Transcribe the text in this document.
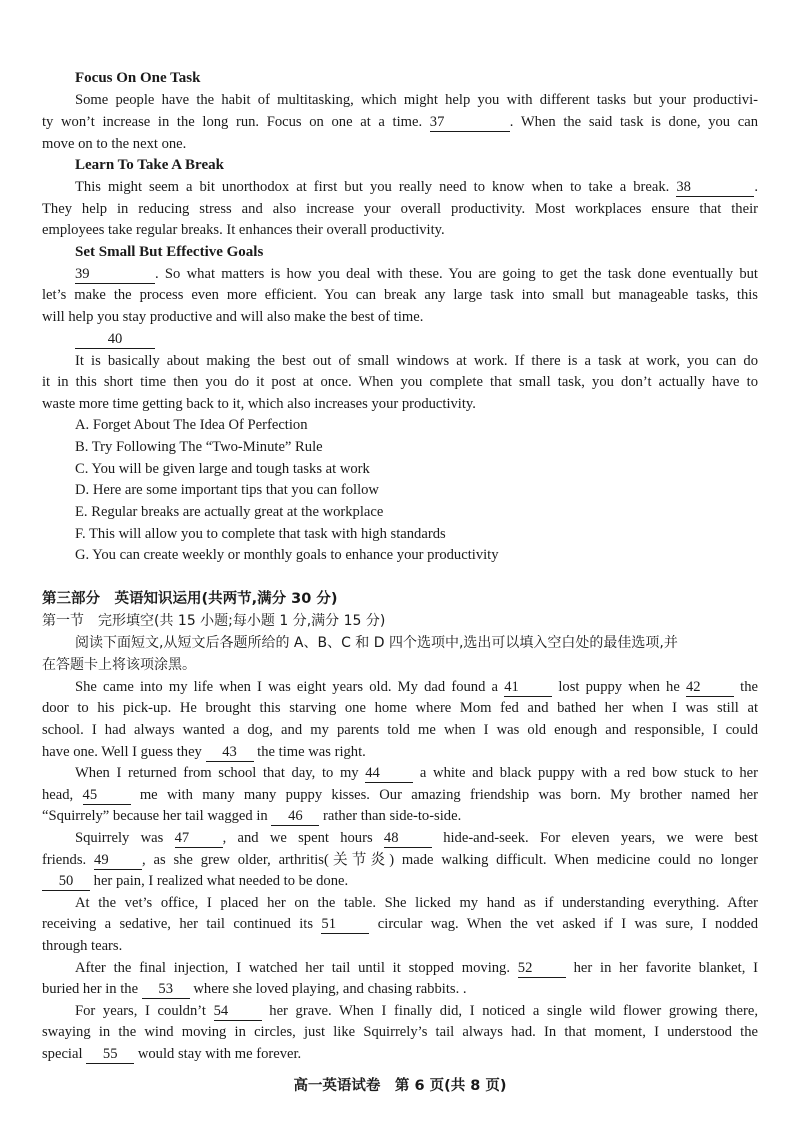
Focus On One Task
Some people have the habit of multitasking, which might help you with different tasks but your productivi-
ty won’t increase in the long run. Focus on one at a time. 37	. When the said task is done, you can
move on to the next one.
Learn To Take A Break
This might seem a bit unorthodox at first but you really need to know when to take a break. 38	.
They help in reducing stress and also increase your overall productivity. Most workplaces ensure that their
employees take regular breaks. It enhances their overall productivity.
Set Small But Effective Goals
39	. So what matters is how you deal with these. You are going to get the task done eventually but
let’s make the process even more efficient. You can break any large task into small but manageable tasks, this
will help you stay productive and will also make the best of time.
40
It is basically about making the best out of small windows at work. If there is a task at work, you can do
it in this short time then you do it post at once. When you complete that small task, you don’t actually have to
waste more time getting back to it, which also increases your productivity.
A. Forget About The Idea Of Perfection
B. Try Following The “Two-Minute” Rule
C. You will be given large and tough tasks at work
D. Here are some important tips that you can follow
E. Regular breaks are actually great at the workplace
F. This will allow you to complete that task with high standards
G. You can create weekly or monthly goals to enhance your productivity
第三部分　英语知识运用(共两节,满分 30 分)
第一节　完形填空(共 15 小题;每小题 1 分,满分 15 分)
阅读下面短文,从短文后各题所给的 A、B、C 和 D 四个选项中,选出可以填入空白处的最佳选项,并
在答题卡上将该项涂黑。
She came into my life when I was eight years old. My dad found a 41	lost puppy when he 42	the
door to his pick-up. He brought this starving one home where Mom fed and bathed her when I was still at
school. I had always wanted a dog, and my parents told me when I was old enough and responsible, I could
have one. Well I guess they 43 the time was right.
When I returned from school that day, to my 44	a white and black puppy with a red bow stuck to her
head, 45	me with many many puppy kisses. Our amazing friendship was born. My brother named her
“Squirrely” because her tail wagged in 46 rather than side-to-side.
Squirrely was 47 , and we spent hours 48	hide-and-seek. For eleven years, we were best
friends. 49 , as she grew older, arthritis(关节炎) made walking difficult. When medicine could no longer
50 her pain, I realized what needed to be done.
At the vet’s office, I placed her on the table. She licked my hand as if understanding everything. After
receiving a sedative, her tail continued its 51	circular wag. When the vet asked if I was sure, I nodded
through tears.
After the final injection, I watched her tail until it stopped moving. 52	her in her favorite blanket, I
buried her in the 53 where she loved playing, and chasing rabbits. .
For years, I couldn’t 54	her grave. When I finally did, I noticed a single wild flower growing there,
swaying in the wind moving in circles, just like Squirrely’s tail always had. In that moment, I understood the
special 55 would stay with me forever.
高一英语试卷　第 6 页(共 8 页)
